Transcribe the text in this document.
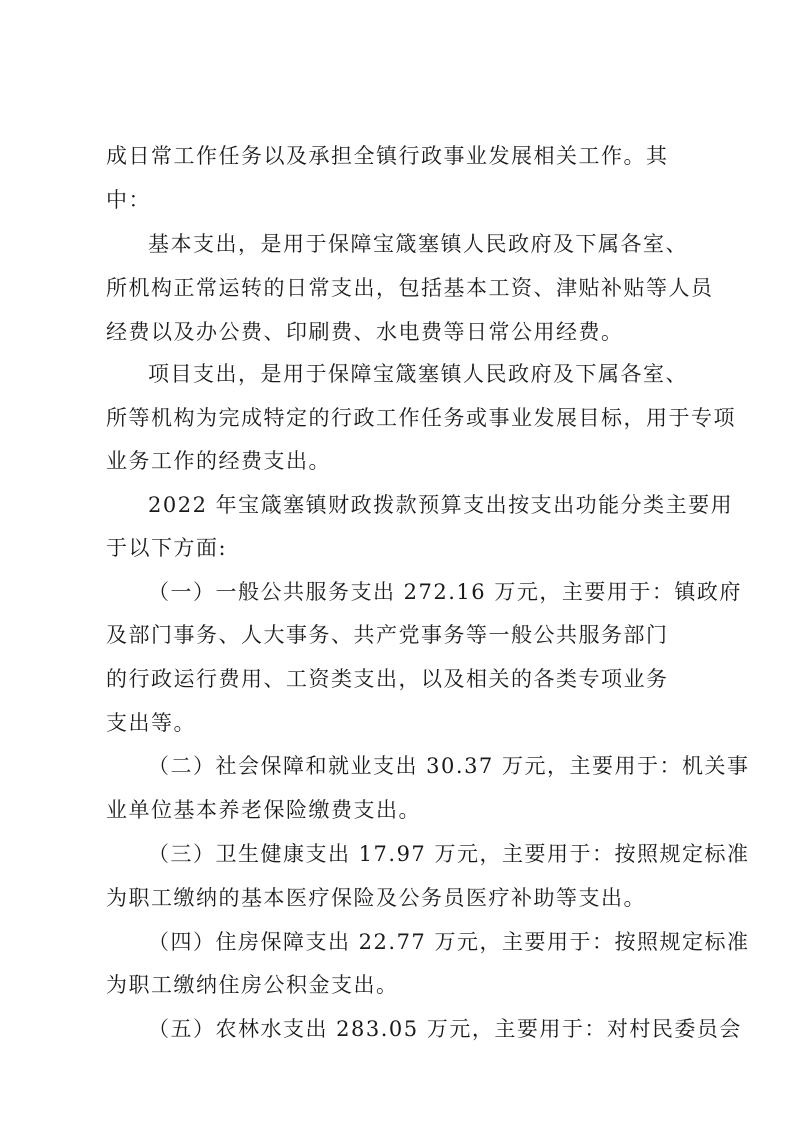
成日常工作任务以及承担全镇行政事业发展相关工作。其
中：
基本支出，是用于保障宝箴塞镇人民政府及下属各室、
所机构正常运转的日常支出，包括基本工资、津贴补贴等人员
经费以及办公费、印刷费、水电费等日常公用经费。
项目支出，是用于保障宝箴塞镇人民政府及下属各室、
所等机构为完成特定的行政工作任务或事业发展目标，用于专项
业务工作的经费支出。
2022 年宝箴塞镇财政拨款预算支出按支出功能分类主要用
于以下方面:
（一）一般公共服务支出 272.16 万元，主要用于：镇政府
及部门事务、人大事务、共产党事务等一般公共服务部门
的行政运行费用、工资类支出，以及相关的各类专项业务
支出等。
（二）社会保障和就业支出 30.37 万元，主要用于：机关事
业单位基本养老保险缴费支出。
（三）卫生健康支出 17.97 万元，主要用于：按照规定标准
为职工缴纳的基本医疗保险及公务员医疗补助等支出。
（四）住房保障支出 22.77 万元，主要用于：按照规定标准
为职工缴纳住房公积金支出。
（五）农林水支出 283.05 万元，主要用于：对村民委员会
